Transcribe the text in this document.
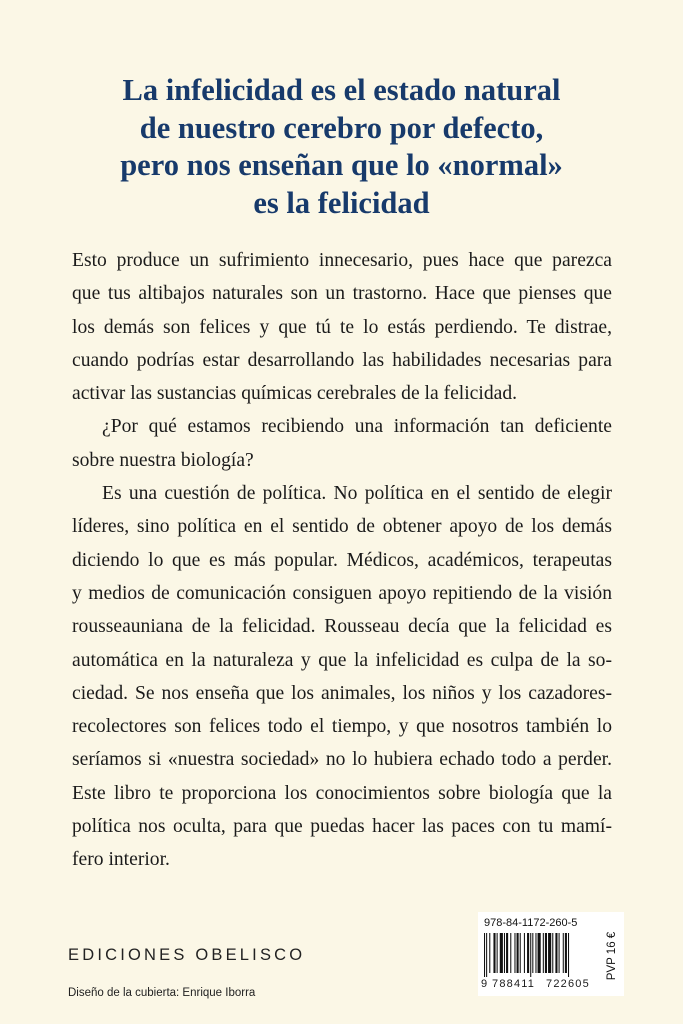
La infelicidad es el estado natural
de nuestro cerebro por defecto,
pero nos enseñan que lo «normal»
es la felicidad
Esto produce un sufrimiento innecesario, pues hace que parezca
que tus altibajos naturales son un trastorno. Hace que pienses que
los demás son felices y que tú te lo estás perdiendo. Te distrae,
cuando podrías estar desarrollando las habilidades necesarias para
activar las sustancias químicas cerebrales de la felicidad.
¿Por qué estamos recibiendo una información tan deficiente
sobre nuestra biología?
Es una cuestión de política. No política en el sentido de elegir
líderes, sino política en el sentido de obtener apoyo de los demás
diciendo lo que es más popular. Médicos, académicos, terapeutas
y medios de comunicación consiguen apoyo repitiendo de la visión
rousseauniana de la felicidad. Rousseau decía que la felicidad es
automática en la naturaleza y que la infelicidad es culpa de la so-
ciedad. Se nos enseña que los animales, los niños y los cazadores-
recolectores son felices todo el tiempo, y que nosotros también lo
seríamos si «nuestra sociedad» no lo hubiera echado todo a perder.
Este libro te proporciona los conocimientos sobre biología que la
política nos oculta, para que puedas hacer las paces con tu mamí-
fero interior.
EDICIONES OBELISCO
Diseño de la cubierta: Enrique Iborra
978-84-1172-260-5
9 788411 722605
PVP 16 €
